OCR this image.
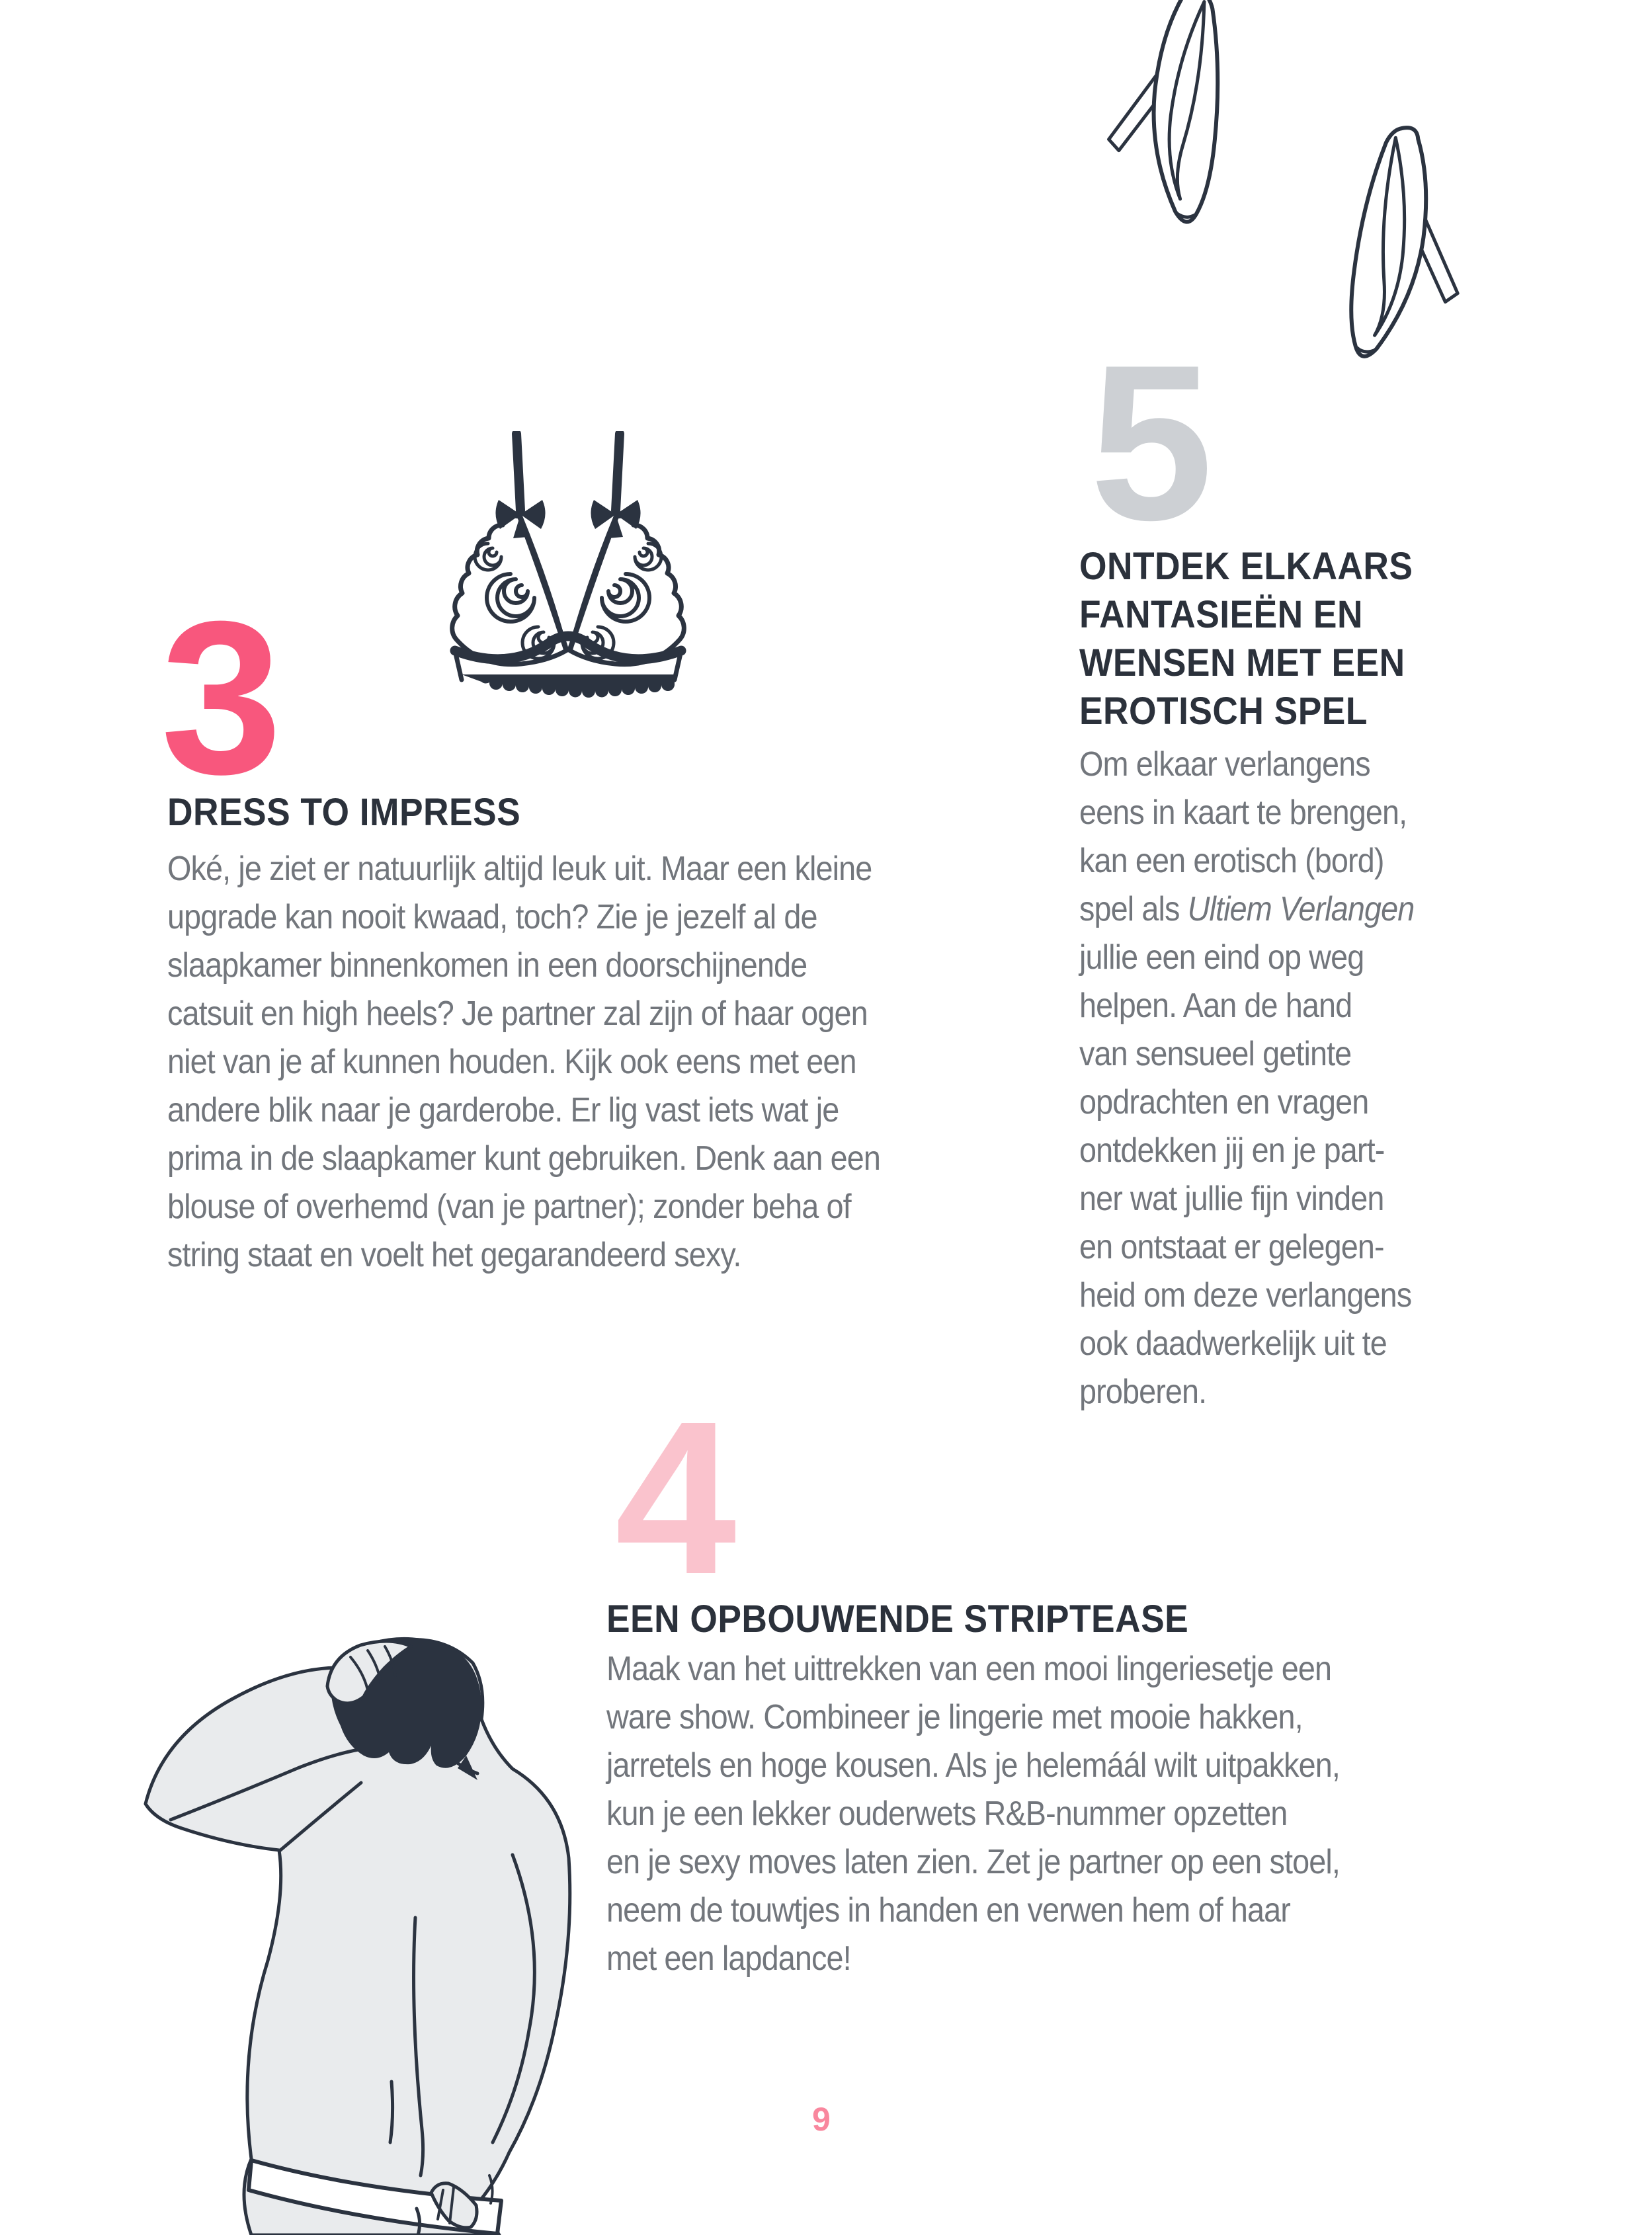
5
ONTDEK ELKAARS
FANTASIEËN EN
WENSEN MET EEN
EROTISCH SPEL
Om elkaar verlangens
eens in kaart te brengen,
kan een erotisch (bord)
spel als Ultiem Verlangen
jullie een eind op weg
helpen. Aan de hand
van sensueel getinte
opdrachten en vragen
ontdekken jij en je part-
ner wat jullie fijn vinden
en ontstaat er gelegen-
heid om deze verlangens
ook daadwerkelijk uit te
proberen.
3
DRESS TO IMPRESS
Oké, je ziet er natuurlijk altijd leuk uit. Maar een kleine
upgrade kan nooit kwaad, toch? Zie je jezelf al de
slaapkamer binnenkomen in een doorschijnende
catsuit en high heels? Je partner zal zijn of haar ogen
niet van je af kunnen houden. Kijk ook eens met een
andere blik naar je garderobe. Er lig vast iets wat je
prima in de slaapkamer kunt gebruiken. Denk aan een
blouse of overhemd (van je partner); zonder beha of
string staat en voelt het gegarandeerd sexy.
4
EEN OPBOUWENDE STRIPTEASE
Maak van het uittrekken van een mooi lingeriesetje een
ware show. Combineer je lingerie met mooie hakken,
jarretels en hoge kousen. Als je helemáál wilt uitpakken,
kun je een lekker ouderwets R&B-nummer opzetten
en je sexy moves laten zien. Zet je partner op een stoel,
neem de touwtjes in handen en verwen hem of haar
met een lapdance!
9
